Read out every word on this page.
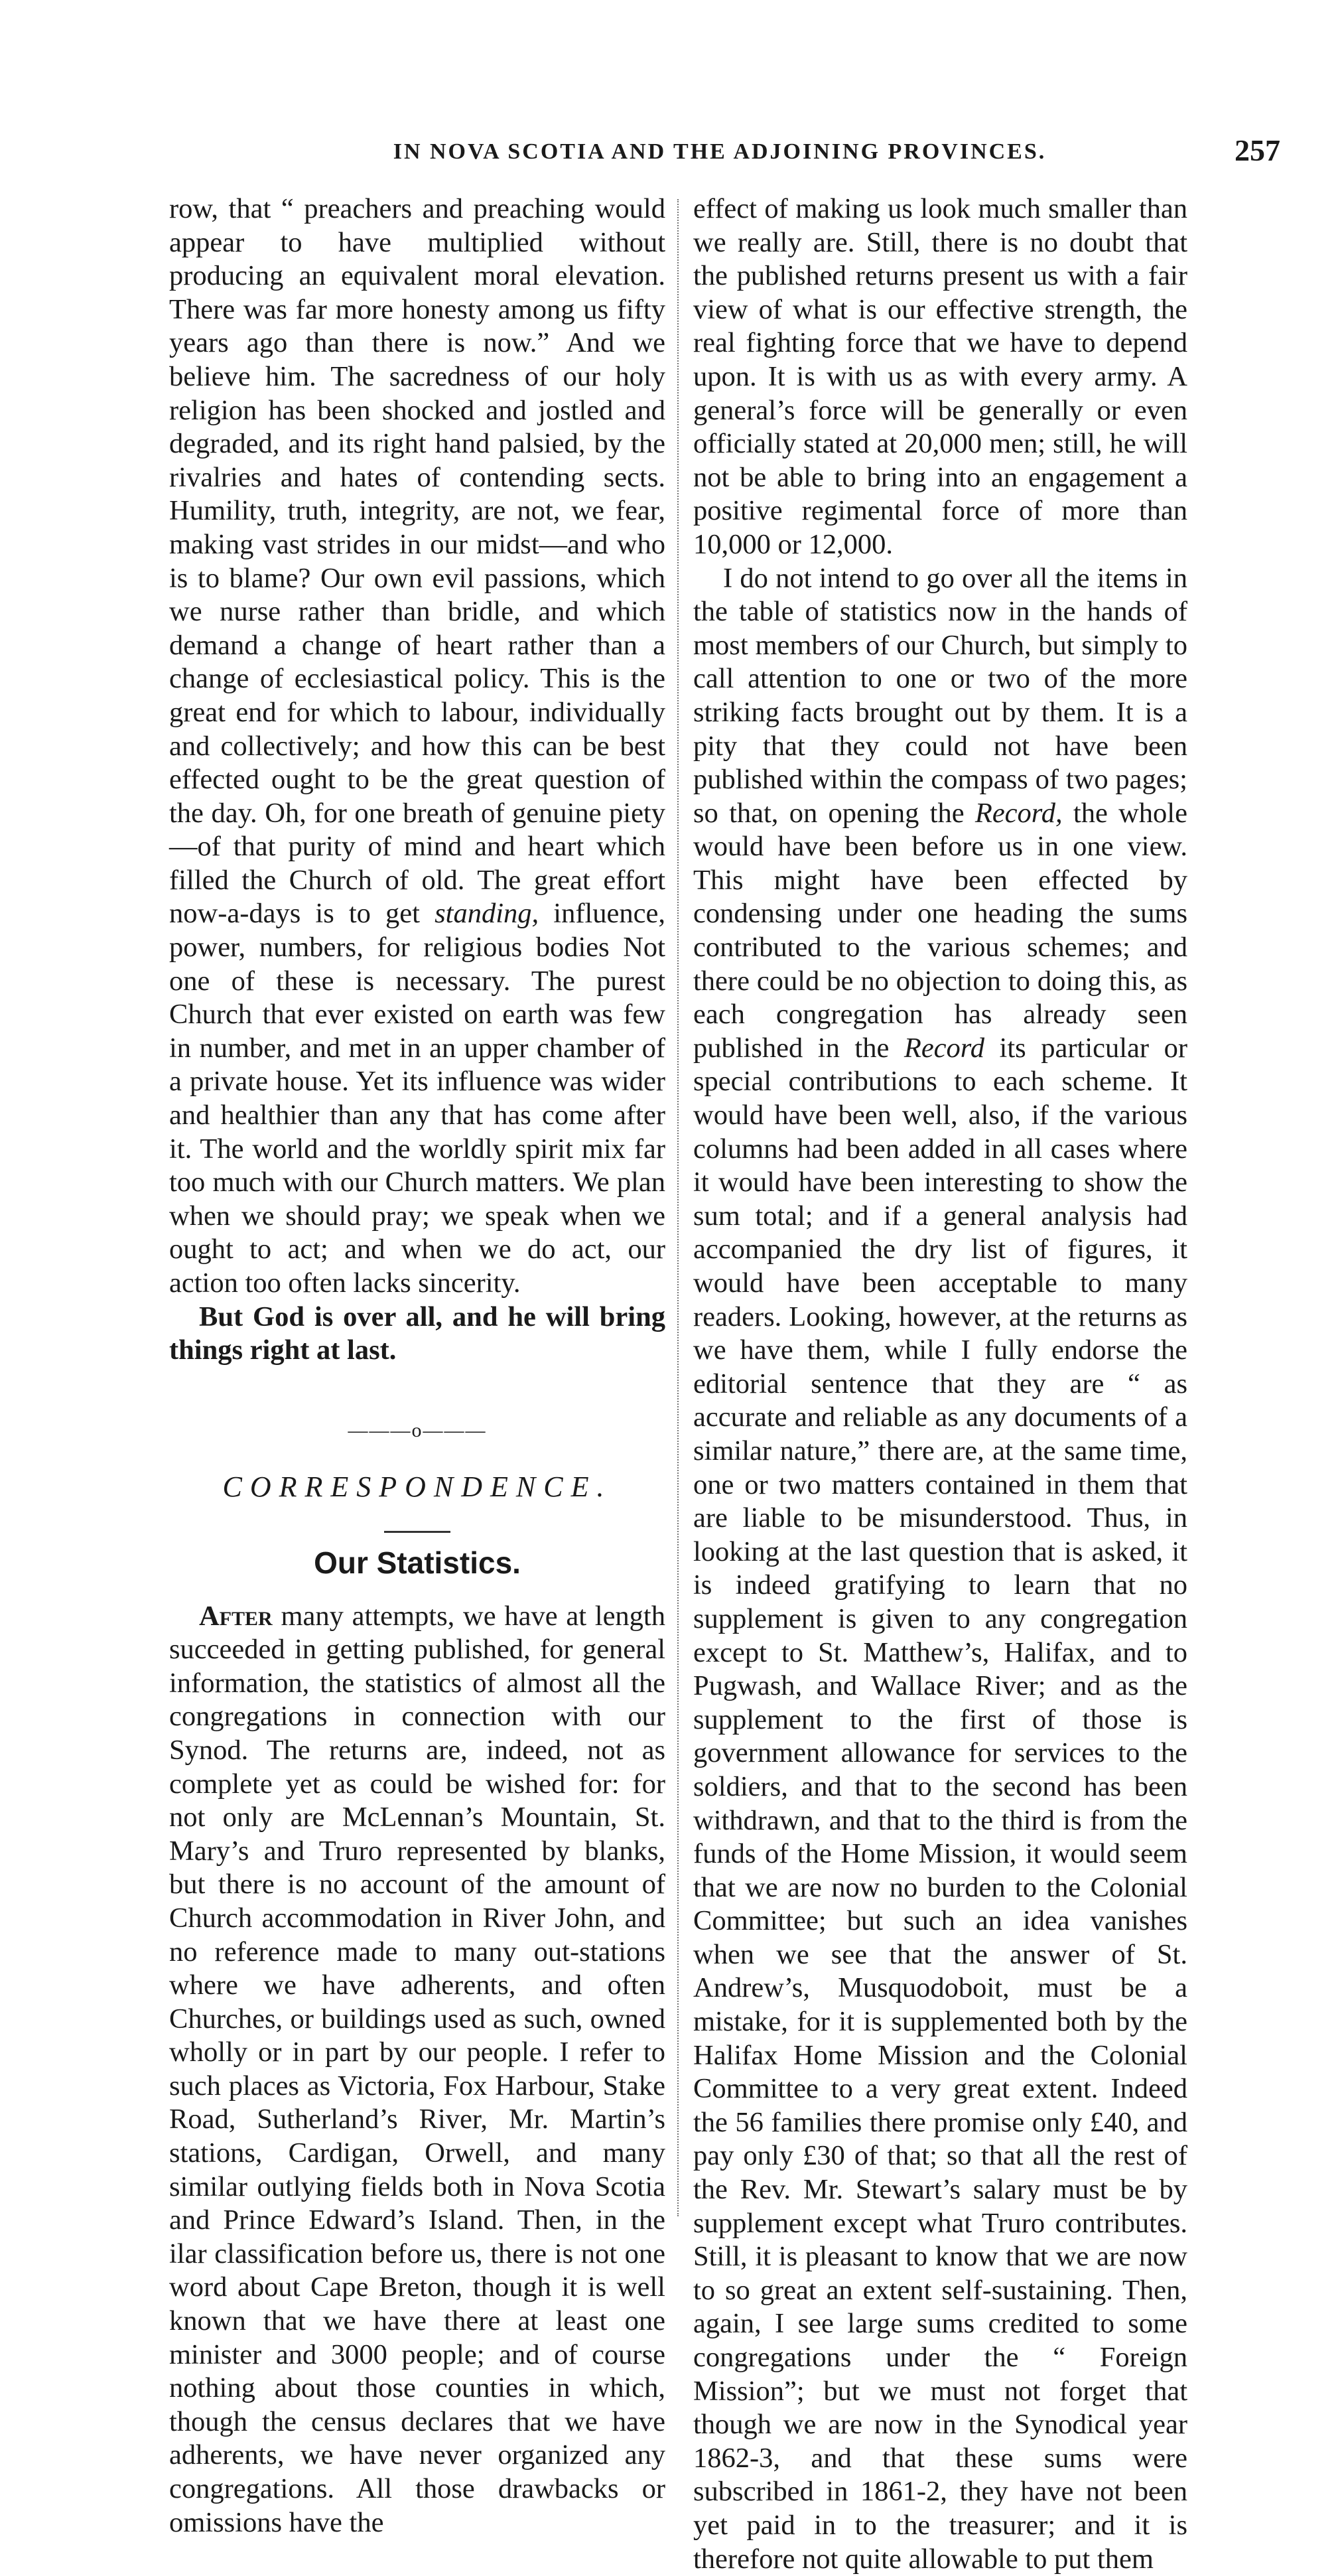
IN NOVA SCOTIA AND THE ADJOINING PROVINCES.	257

row, that “ preachers and preaching would appear to have multiplied without producing an equivalent moral elevation. There was far more honesty among us fifty years ago than there is now.” And we believe him. The sacredness of our holy religion has been shocked and jostled and degraded, and its right hand palsied, by the rivalries and hates of contending sects. Humility, truth, integrity, are not, we fear, making vast strides in our midst—and who is to blame? Our own evil passions, which we nurse rather than bridle, and which demand a change of heart rather than a change of ecclesiastical policy. This is the great end for which to labour, individually and collectively; and how this can be best effected ought to be the great question of the day. Oh, for one breath of genuine piety—of that purity of mind and heart which filled the Church of old. The great effort now-a-days is to get standing, influence, power, numbers, for religious bodies Not one of these is necessary. The purest Church that ever existed on earth was few in number, and met in an upper chamber of a private house. Yet its influence was wider and healthier than any that has come after it. The world and the worldly spirit mix far too much with our Church matters. We plan when we should pray; we speak when we ought to act; and when we do act, our action too often lacks sincerity.

But God is over all, and he will bring things right at last.

———o———
CORRESPONDENCE.
Our Statistics.

After many attempts, we have at length succeeded in getting published, for general information, the statistics of almost all the congregations in connection with our Synod. The returns are, indeed, not as complete yet as could be wished for: for not only are McLennan’s Mountain, St. Mary’s and Truro represented by blanks, but there is no account of the amount of Church accommodation in River John, and no reference made to many out-stations where we have adherents, and often Churches, or buildings used as such, owned wholly or in part by our people. I refer to such places as Victoria, Fox Harbour, Stake Road, Sutherland’s River, Mr. Martin’s stations, Cardigan, Orwell, and many similar outlying fields both in Nova Scotia and Prince Edward’s Island. Then, in the ilar classification before us, there is not one word about Cape Breton, though it is well known that we have there at least one minister and 3000 people; and of course nothing about those counties in which, though the census declares that we have adherents, we have never organized any congregations. All those drawbacks or omissions have the

effect of making us look much smaller than we really are. Still, there is no doubt that the published returns present us with a fair view of what is our effective strength, the real fighting force that we have to depend upon. It is with us as with every army. A general’s force will be generally or even officially stated at 20,000 men; still, he will not be able to bring into an engagement a positive regimental force of more than 10,000 or 12,000.

I do not intend to go over all the items in the table of statistics now in the hands of most members of our Church, but simply to call attention to one or two of the more striking facts brought out by them. It is a pity that they could not have been published within the compass of two pages; so that, on opening the Record, the whole would have been before us in one view. This might have been effected by condensing under one heading the sums contributed to the various schemes; and there could be no objection to doing this, as each congregation has already seen published in the Record its particular or special contributions to each scheme. It would have been well, also, if the various columns had been added in all cases where it would have been interesting to show the sum total; and if a general analysis had accompanied the dry list of figures, it would have been acceptable to many readers. Looking, however, at the returns as we have them, while I fully endorse the editorial sentence that they are “ as accurate and reliable as any documents of a similar nature,” there are, at the same time, one or two matters contained in them that are liable to be misunderstood. Thus, in looking at the last question that is asked, it is indeed gratifying to learn that no supplement is given to any congregation except to St. Matthew’s, Halifax, and to Pugwash, and Wallace River; and as the supplement to the first of those is government allowance for services to the soldiers, and that to the second has been withdrawn, and that to the third is from the funds of the Home Mission, it would seem that we are now no burden to the Colonial Committee; but such an idea vanishes when we see that the answer of St. Andrew’s, Musquodoboit, must be a mistake, for it is supplemented both by the Halifax Home Mission and the Colonial Committee to a very great extent. Indeed the 56 families there promise only £40, and pay only £30 of that; so that all the rest of the Rev. Mr. Stewart’s salary must be by supplement except what Truro contributes. Still, it is pleasant to know that we are now to so great an extent self-sustaining. Then, again, I see large sums credited to some congregations under the “ Foreign Mission”; but we must not forget that though we are now in the Synodical year 1862-3, and that these sums were subscribed in 1861-2, they have not been yet paid in to the treasurer; and it is therefore not quite allowable to put them
